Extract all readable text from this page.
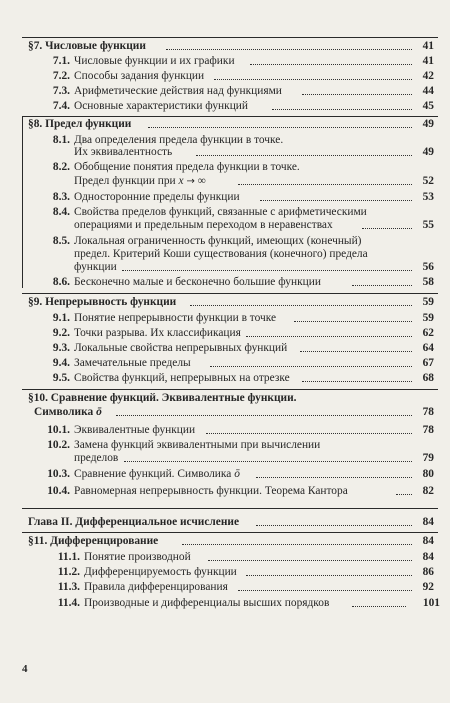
§7. Числовые функции	41
7.1. Числовые функции и их графики	41
7.2. Способы задания функции	42
7.3. Арифметические действия над функциями	44
7.4. Основные характеристики функций	45
§8. Предел функции	49
8.1. Два определения предела функции в точке.
Их эквивалентность	49
8.2. Обобщение понятия предела функции в точке.
Предел функции при x → ∞	52
8.3. Односторонние пределы функции	53
8.4. Свойства пределов функций, связанные с арифметическими
операциями и предельным переходом в неравенствах	55
8.5. Локальная ограниченность функций, имеющих (конечный)
предел. Критерий Коши существования (конечного) предела
функции	56
8.6. Бесконечно малые и бесконечно большие функции	58
§9. Непрерывность функции	59
9.1. Понятие непрерывности функции в точке	59
9.2. Точки разрыва. Их классификация	62
9.3. Локальные свойства непрерывных функций	64
9.4. Замечательные пределы	67
9.5. Свойства функций, непрерывных на отрезке	68
§10. Сравнение функций. Эквивалентные функции.
Символика ō	78
10.1. Эквивалентные функции	78
10.2. Замена функций эквивалентными при вычислении
пределов	79
10.3. Сравнение функций. Символика ō	80
10.4. Равномерная непрерывность функции. Теорема Кантора	82
Глава II. Дифференциальное исчисление	84
§11. Дифференцирование	84
11.1. Понятие производной	84
11.2. Дифференцируемость функции	86
11.3. Правила дифференцирования	92
11.4. Производные и дифференциалы высших порядков	101
4
